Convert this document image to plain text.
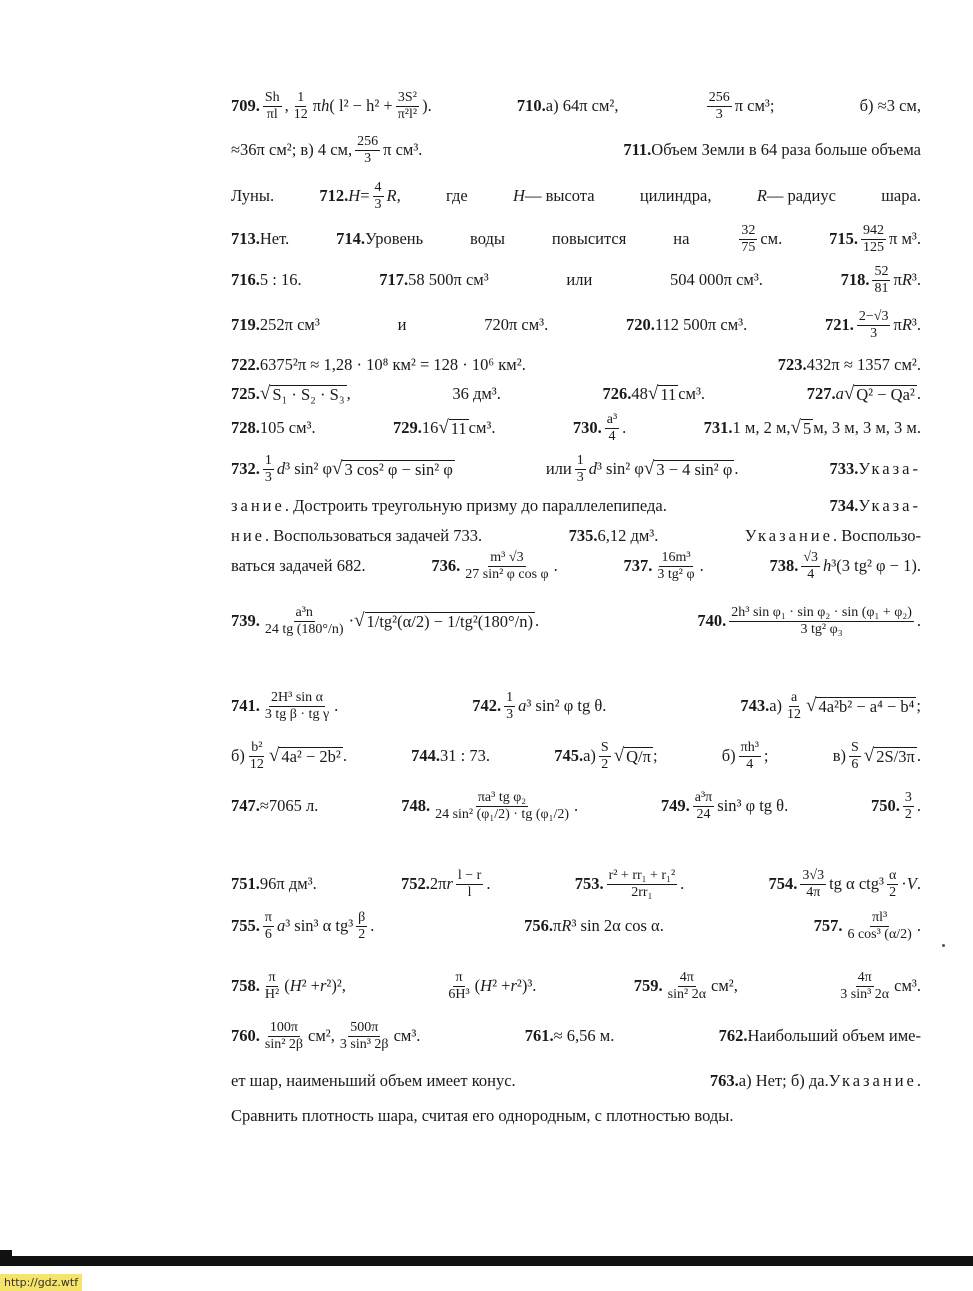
709. $\frac{Sh}{\pi l}$ , $\frac{1}{12}$ π h ( $l^2 - h^2 + \frac{\text{3S²}}{\text{π²l²}}$ ).	710. а) 64π см²,	$\frac{256}{3}$ π см³;	б) ≈3 см,
≈36π см²; в) 4 см, $\frac{256}{3}$ π см³.	711. Объем Земли в 64 раза больше объема
Луны.	712. $H = \frac{4}{3}$ R ,	где	H — высота	цилиндра,	R — радиус	шара.
713. Нет.	714. Уровень	воды	повысится	на	$\frac{32}{75}$ см.	715. $\frac{942}{125}$ π м³.
716. 5 : 16.	717. 58 500π см³	или	504 000π см³.	718. $\frac{52}{81}$ π R ³.
719. 252π см³	и	720π см³.	720. 112 500π см³.	721. $\frac{2-√3}{3}$ π R ³.
722. 6375²π ≈ 1,28 · 10⁸ км² = 128 · 10⁶ км².	723. 432π ≈ 1357 см².
725. √ S₁ · S₂ · S₃ ,	36 дм³.	726. 48 √ 11 см³.	727. a √ Q² − Qa² .
728. 105 см³.	729. 16 √ 11 см³.	730. $\frac{\text{a³}}{4}$ .	731. 1 м, 2 м, √ 5 м, 3 м, 3 м, 3 м.
732. $\frac{1}{3}$ d ³ sin² φ √ 3 cos² φ − sin² φ	или $\frac{1}{3}$ d ³ sin² φ √ 3 − 4 sin² φ .	733. Указа-
зание . Достроить треугольную призму до параллелепипеда.	734. Указа-
ние . Воспользоваться задачей 733.	735. 6,12 дм³.	Указание . Воспользо-
ваться задачей 682.	736. $\frac{\text{m³ √3}}{\text{27 sin² φ cos φ}}$ .	737. $\frac{\text{16m³}}{\text{3 tg² φ}}$ .	738. $\frac{√3}{4}$ h ³(3 tg² φ − 1).
739. $\frac{\text{a³n}}{24 tg (180^\circ/n)}$ · √ 1/tg²(α/2) − 1/tg²(180°/n) .	740. $\frac{\text{2h³ sin φ₁ · sin φ₂ · sin (φ₁ + φ₂)}}{\text{3 tg² φ₃}}$ .
741. $\frac{\text{2H³ sin α}}{\text{3 tg β · tg γ}}$ .	742. $\frac{1}{3}$ a ³ sin² φ tg θ.	743. $а) \frac{a}{12}$ √ 4a²b² − a⁴ − b⁴ ;
$б) \frac{\text{b²}}{12}$ √ 4a² − 2b² .	744. 31 : 73.	745. $а) \frac{S}{2}$ √ Q/π ;	$б) \frac{\text{πh³}}{4}$ ;	$в) \frac{S}{6}$ √ 2S/3π .
747. ≈7065 л.	748. $\frac{\text{πa³ tg φ₂}}{\text{24 sin² (φ₁/2) · tg (φ₁/2)}}$ .	749. $\frac{\text{a³π}}{24} \sin^3$ φ tg θ.	750. $\frac{3}{2}$ .
751. 96π дм³.	752. 2π r $\frac{l - r}{l}$ .	753. $\frac{\text{r² + rr₁ + r₁²}}{\text{2rr₁}}$ .	754. $\frac{3√3}{4\pi}$ tg α $ctg^3 \frac{\alpha}{2} \cdot V$ .
755. $\frac{\pi}{6}$ a ³ sin³ α $tg^3 \frac{\beta}{2}$ .	756. π R ³ sin 2α cos α.	757. $\frac{\text{πl³}}{\text{6 cos³ (α/2)}}$ .
758. $\frac{\pi}{\text{H²}}$ ( H ² + r ²)²,	$\frac{\pi}{\text{6H³}}$ ( H ² + r ²)³.	759. $\frac{4\pi}{\text{sin² 2α}} см^2$,	$\frac{4\pi}{\text{3 sin³ 2α}} см^3$.
760. $\frac{100\pi}{\text{sin² 2β}} см^2$, $\frac{500\pi}{\text{3 sin³ 2β}} см^3$.	761. ≈ 6,56 м.	762. Наибольший объем име-
ет шар, наименьший объем имеет конус.	763. а) Нет; б) да. Указание .
Сравнить плотность шара, считая его однородным, с плотностью воды.
http://gdz.wtf
